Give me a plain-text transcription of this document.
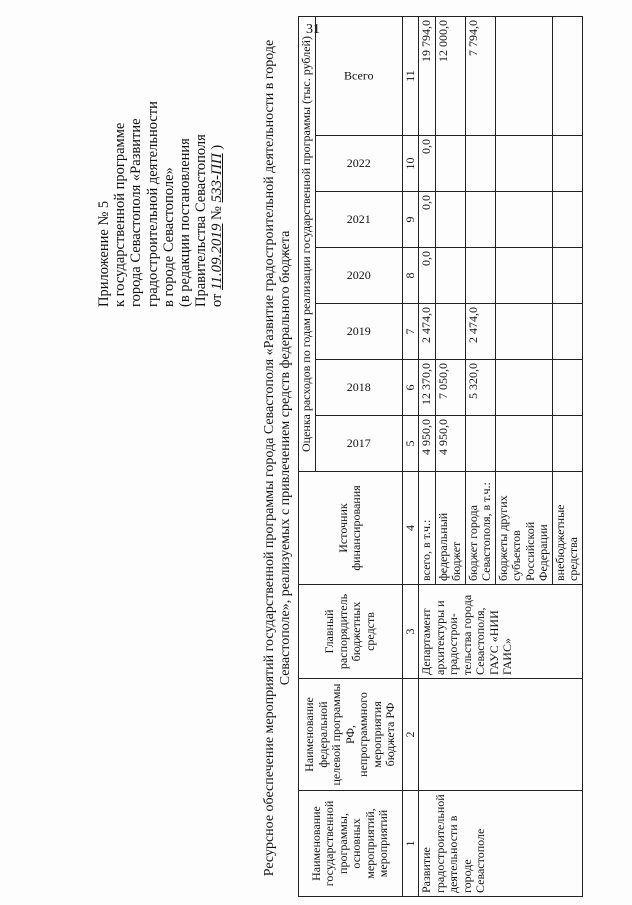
31
Приложение № 5 к государственной программе города Севастополя «Развитие градостроительной деятельности в городе Севастополе» (в редакции постановления Правительства Севастополя от 11.09.2019 № 533-ПП )	Ресурсное обеспечение мероприятий государственной программы города Севастополя «Развитие градостроительной деятельности в городе Севастополе», реализуемых с привлечением средств федерального бюджета
Наименование государственной программы, основных мероприятий, мероприятий	Наименование федеральной целевой программы РФ, непрограммного мероприятия бюджета РФ	Главный распорядитель бюджетных средств	Источник финансирования	Оценка расходов по годам реализации государственной программы (тыс. рублей)						

				2017	2018	2019	2020	2021	2022	Всего

1	2	3	4	5	6	7	8	9	10	11
Развитие градостроительной деятельности в городе Севастополе		Департамент архитектуры и градострои-тельства города Севастополя, ГАУС «НИИ ГАИС»	всего, в т.ч.:	4 950,0	12 370,0	2 474,0	0,0	0,0	0,0	19 794,0
			федеральный бюджет	4 950,0	7 050,0					12 000,0
			бюджет города Севастополя, в т.ч.:		5 320,0	2 474,0				7 794,0
			бюджеты других субъектов Российской Федерации							
			внебюджетные средства							
